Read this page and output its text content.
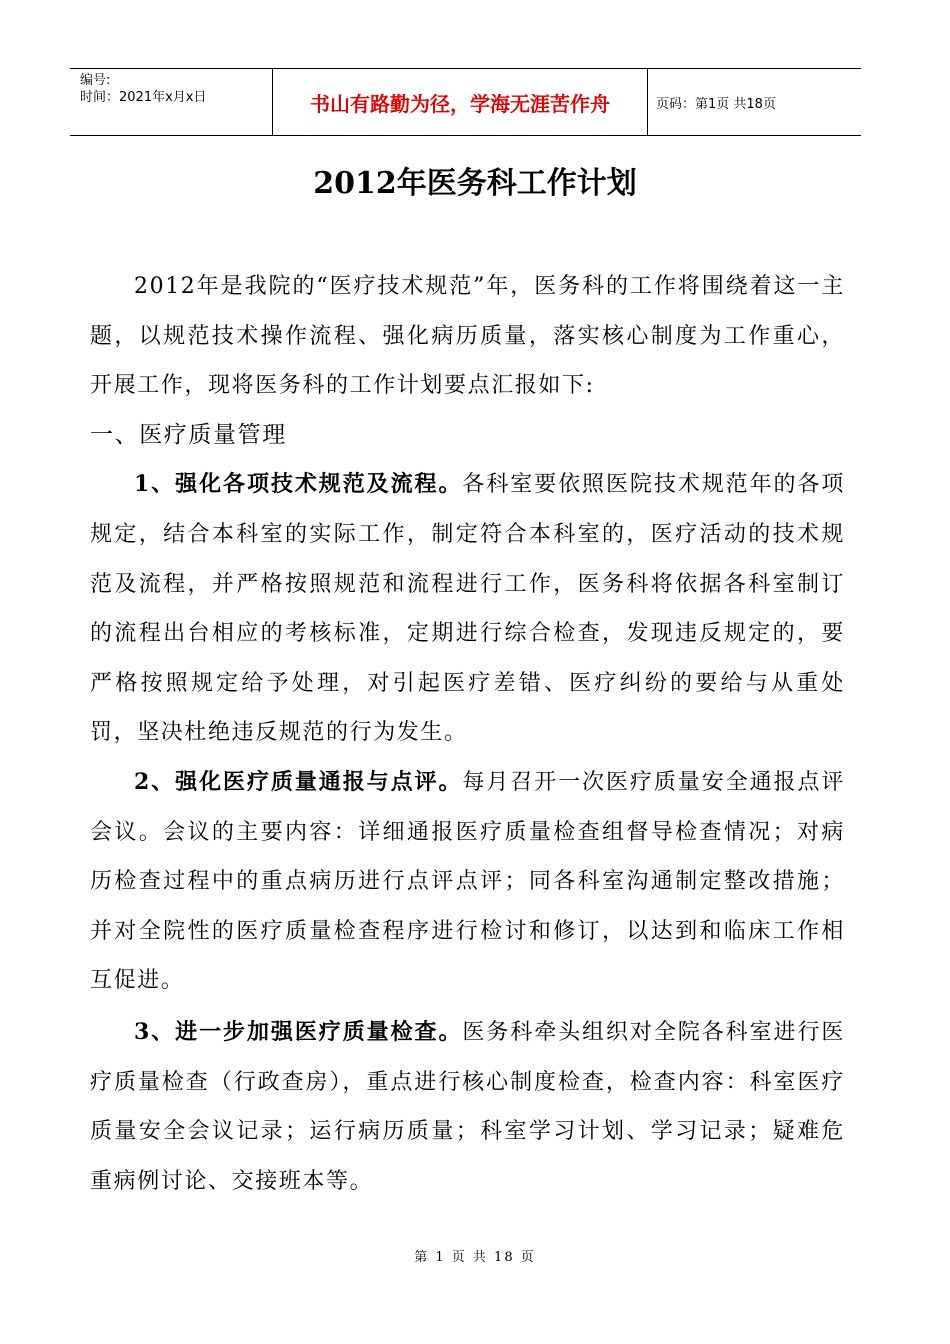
编号:
时间：2021年x月x日	书山有路勤为径，学海无涯苦作舟	页码：第1页 共18页
2012年医务科工作计划

2012年是我院的“医疗技术规范”年，医务科的工作将围绕着这一主题，以规范技术操作流程、强化病历质量，落实核心制度为工作重心，开展工作，现将医务科的工作计划要点汇报如下:

一、医疗质量管理

1、强化各项技术规范及流程。各科室要依照医院技术规范年的各项规定，结合本科室的实际工作，制定符合本科室的，医疗活动的技术规范及流程，并严格按照规范和流程进行工作，医务科将依据各科室制订的流程出台相应的考核标准，定期进行综合检查，发现违反规定的，要严格按照规定给予处理，对引起医疗差错、医疗纠纷的要给与从重处罚，坚决杜绝违反规范的行为发生。

2、强化医疗质量通报与点评。每月召开一次医疗质量安全通报点评会议。会议的主要内容：详细通报医疗质量检查组督导检查情况；对病历检查过程中的重点病历进行点评点评；同各科室沟通制定整改措施；并对全院性的医疗质量检查程序进行检讨和修订，以达到和临床工作相互促进。

3、进一步加强医疗质量检查。医务科牵头组织对全院各科室进行医疗质量检查（行政查房），重点进行核心制度检查，检查内容：科室医疗质量安全会议记录；运行病历质量；科室学习计划、学习记录；疑难危重病例讨论、交接班本等。

第 1 页 共 18 页
